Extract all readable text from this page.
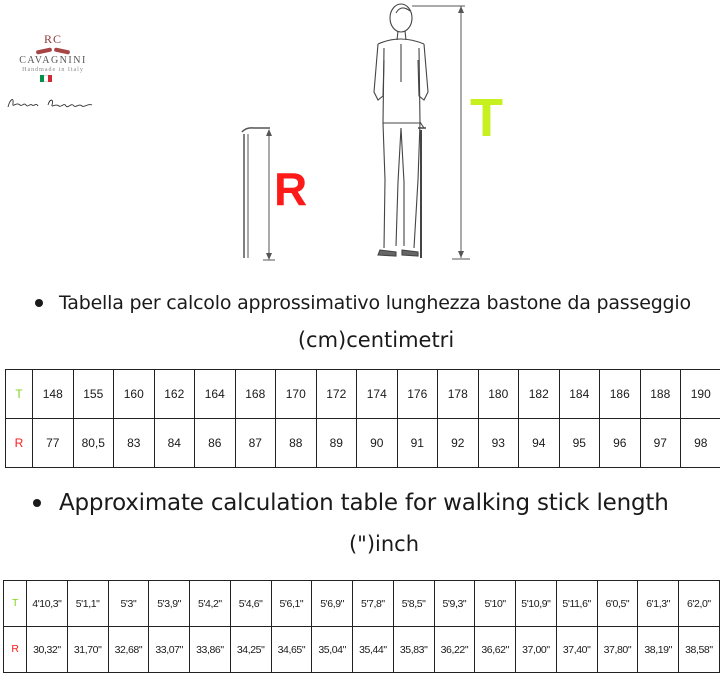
RC
CAVAGNINI
Handmade in Italy
R
T
Tabella per calcolo approssimativo lunghezza bastone da passeggio
(cm)centimetri
T	148	155	160	162	164	168	170	172	174	176	178	180	182	184	186	188	190
R	77	80,5	83	84	86	87	88	89	90	91	92	93	94	95	96	97	98
Approximate calculation table for walking stick length
(")inch
T	4'10,3"	5'1,1"	5'3"	5'3,9"	5'4,2"	5'4,6"	5'6,1"	5'6,9"	5'7,8"	5'8,5"	5'9,3"	5'10"	5'10,9"	5'11,6"	6'0,5"	6'1,3"	6'2,0"
R	30,32"	31,70"	32,68"	33,07"	33,86"	34,25"	34,65"	35,04"	35,44"	35,83"	36,22"	36,62"	37,00"	37,40"	37,80"	38,19"	38,58"
